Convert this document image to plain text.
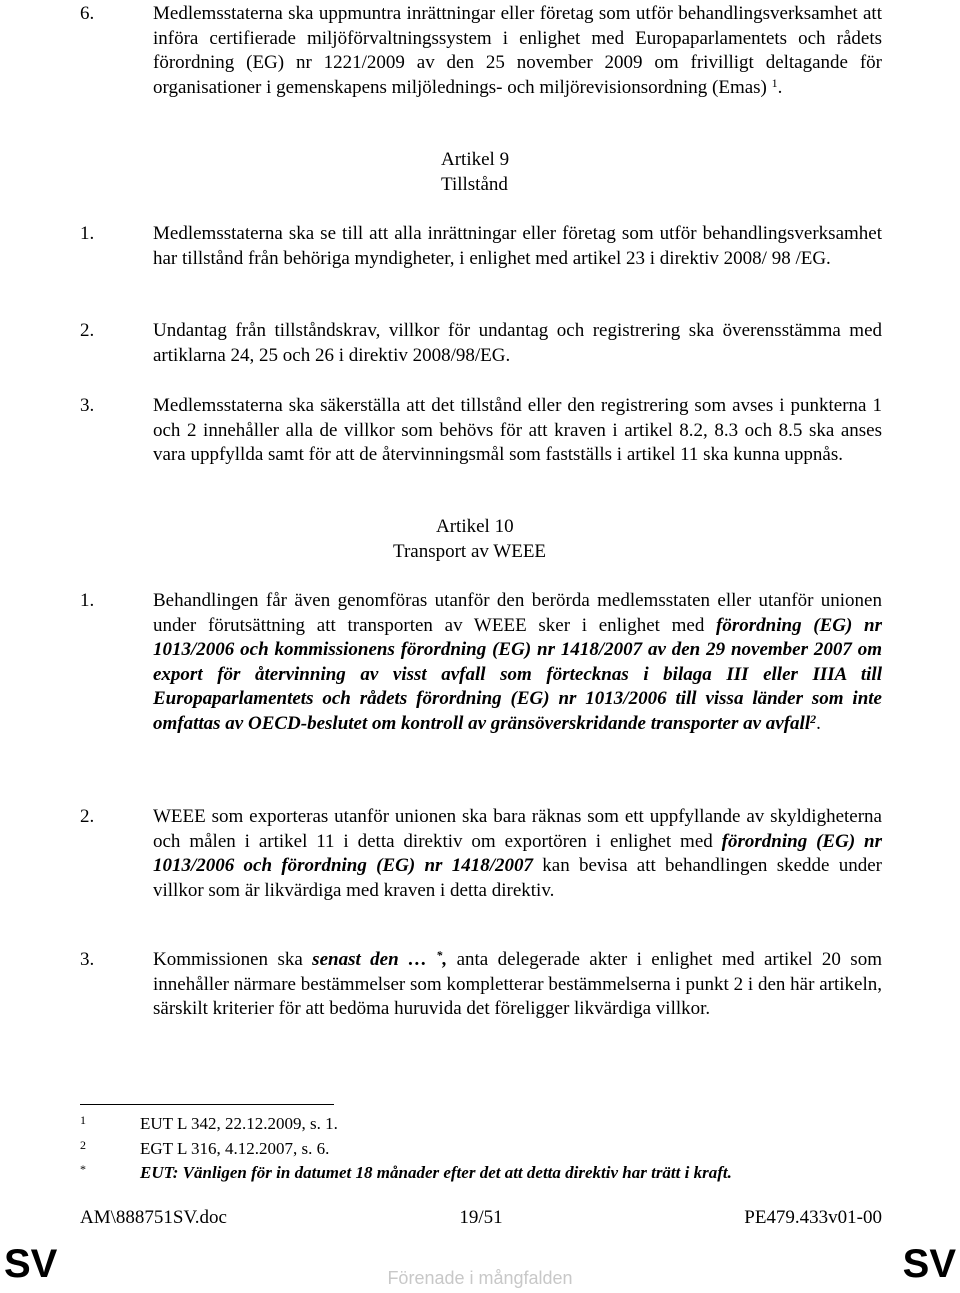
6.	Medlemsstaterna ska uppmuntra inrättningar eller företag som utför behandlingsverksamhet att införa certifierade miljöförvaltningssystem i enlighet med Europaparlamentets och rådets förordning (EG) nr 1221/2009 av den 25 november 2009 om frivilligt deltagande för organisationer i gemenskapens miljölednings- och miljörevisionsordning (Emas) $^1$.
Artikel 9
Tillstånd
1.	Medlemsstaterna ska se till att alla inrättningar eller företag som utför behandlingsverksamhet har tillstånd från behöriga myndigheter, i enlighet med artikel 23 i direktiv 2008/ 98 /EG.
2.	Undantag från tillståndskrav, villkor för undantag och registrering ska överensstämma med artiklarna 24, 25 och 26 i direktiv 2008/98/EG.
3.	Medlemsstaterna ska säkerställa att det tillstånd eller den registrering som avses i punkterna 1 och 2 innehåller alla de villkor som behövs för att kraven i artikel 8.2, 8.3 och 8.5 ska anses vara uppfyllda samt för att de återvinningsmål som fastställs i artikel 11 ska kunna uppnås.
Artikel 10
Transport av WEEE
1.	Behandlingen får även genomföras utanför den berörda medlemsstaten eller utanför unionen under förutsättning att transporten av WEEE sker i enlighet med förordning (EG) nr 1013/2006 och kommissionens förordning (EG) nr 1418/2007 av den 29 november 2007 om export för återvinning av visst avfall som förtecknas i bilaga III eller IIIA till Europaparlamentets och rådets förordning (EG) nr 1013/2006 till vissa länder som inte omfattas av OECD-beslutet om kontroll av gränsöverskridande transporter av avfall$^2$.
2.	WEEE som exporteras utanför unionen ska bara räknas som ett uppfyllande av skyldigheterna och målen i artikel 11 i detta direktiv om exportören i enlighet med förordning (EG) nr 1013/2006 och förordning (EG) nr 1418/2007 kan bevisa att behandlingen skedde under villkor som är likvärdiga med kraven i detta direktiv.
3.	Kommissionen ska senast den … *, anta delegerade akter i enlighet med artikel 20 som innehåller närmare bestämmelser som kompletterar bestämmelserna i punkt 2 i den här artikeln, särskilt kriterier för att bedöma huruvida det föreligger likvärdiga villkor.
1	EUT L 342, 22.12.2009, s. 1.
2	EGT L 316, 4.12.2007, s. 6.
*	EUT: Vänligen för in datumet 18 månader efter det att detta direktiv har trätt i kraft.
AM\888751SV.doc	19/51	PE479.433v01-00
SV	SV
Förenade i mångfalden
